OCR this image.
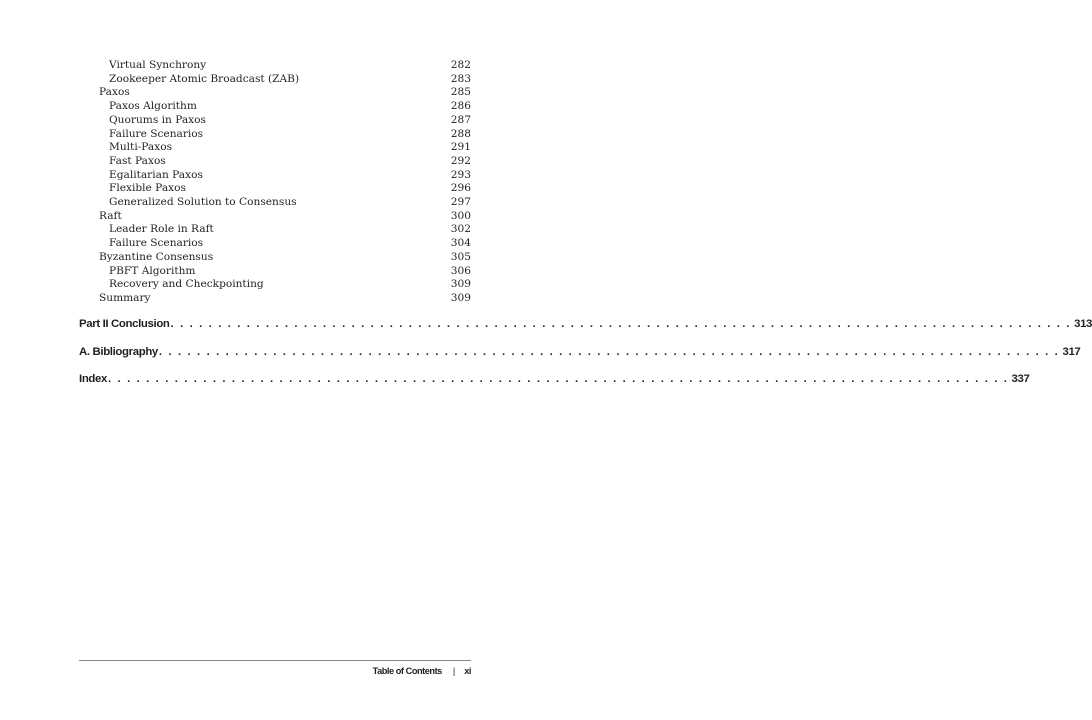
Virtual Synchrony	282
Zookeeper Atomic Broadcast (ZAB)	283
Paxos	285
Paxos Algorithm	286
Quorums in Paxos	287
Failure Scenarios	288
Multi-Paxos	291
Fast Paxos	292
Egalitarian Paxos	293
Flexible Paxos	296
Generalized Solution to Consensus	297
Raft	300
Leader Role in Raft	302
Failure Scenarios	304
Byzantine Consensus	305
PBFT Algorithm	306
Recovery and Checkpointing	309
Summary	309
Part II Conclusion . . . . . . . . . . . . . . . . . . . . . . . . . . . . . . . . . . . . . . . . . . . . . . . . . . . . . . . . . . . . . . . . . . . . . . . . . . . . . . . . . . . . . . . . . . . . . . . 313
A. Bibliography . . . . . . . . . . . . . . . . . . . . . . . . . . . . . . . . . . . . . . . . . . . . . . . . . . . . . . . . . . . . . . . . . . . . . . . . . . . . . . . . . . . . . . . . . . . . . . . 317
Index . . . . . . . . . . . . . . . . . . . . . . . . . . . . . . . . . . . . . . . . . . . . . . . . . . . . . . . . . . . . . . . . . . . . . . . . . . . . . . . . . . . . . . . . . . . . . . . 337
Table of Contents | xi
